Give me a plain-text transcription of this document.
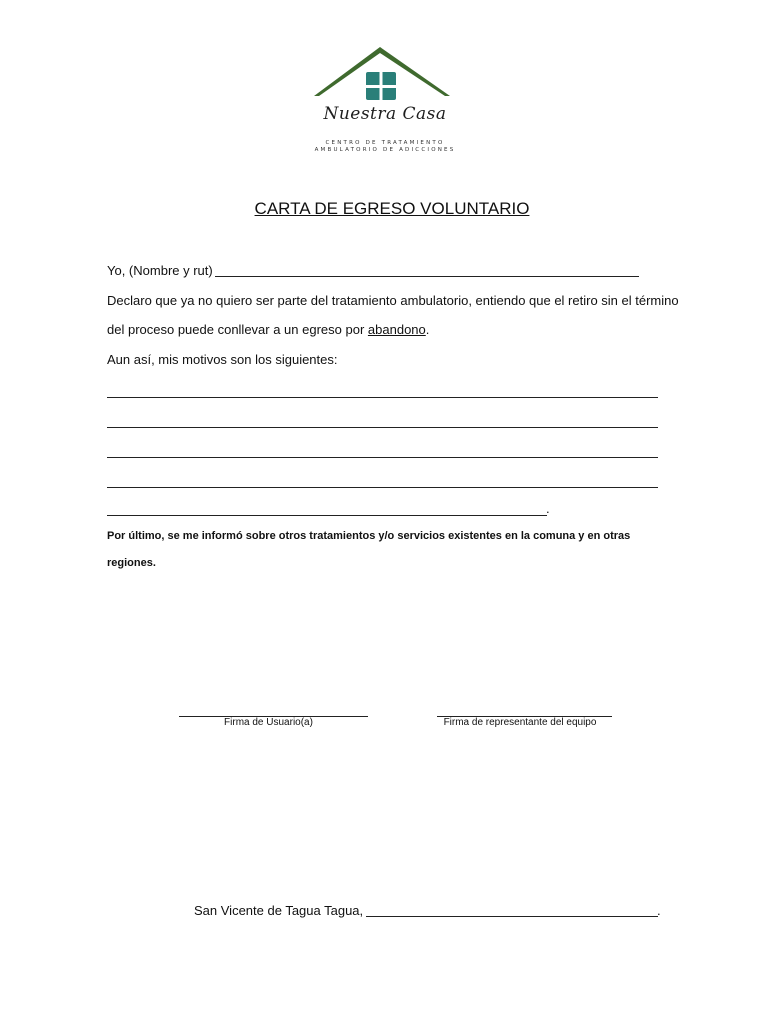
Nuestra Casa
CENTRO DE TRATAMIENTO
AMBULATORIO DE ADICCIONES
CARTA DE EGRESO VOLUNTARIO
Yo, (Nombre y rut)
Declaro que ya no quiero ser parte del tratamiento ambulatorio, entiendo que el retiro sin el término
del proceso puede conllevar a un egreso por abandono.
Aun así, mis motivos son los siguientes:
.
Por último, se me informó sobre otros tratamientos y/o servicios existentes en la comuna y en otras
regiones.
Firma de Usuario(a)	Firma de representante del equipo
San Vicente de Tagua Tagua,	.
